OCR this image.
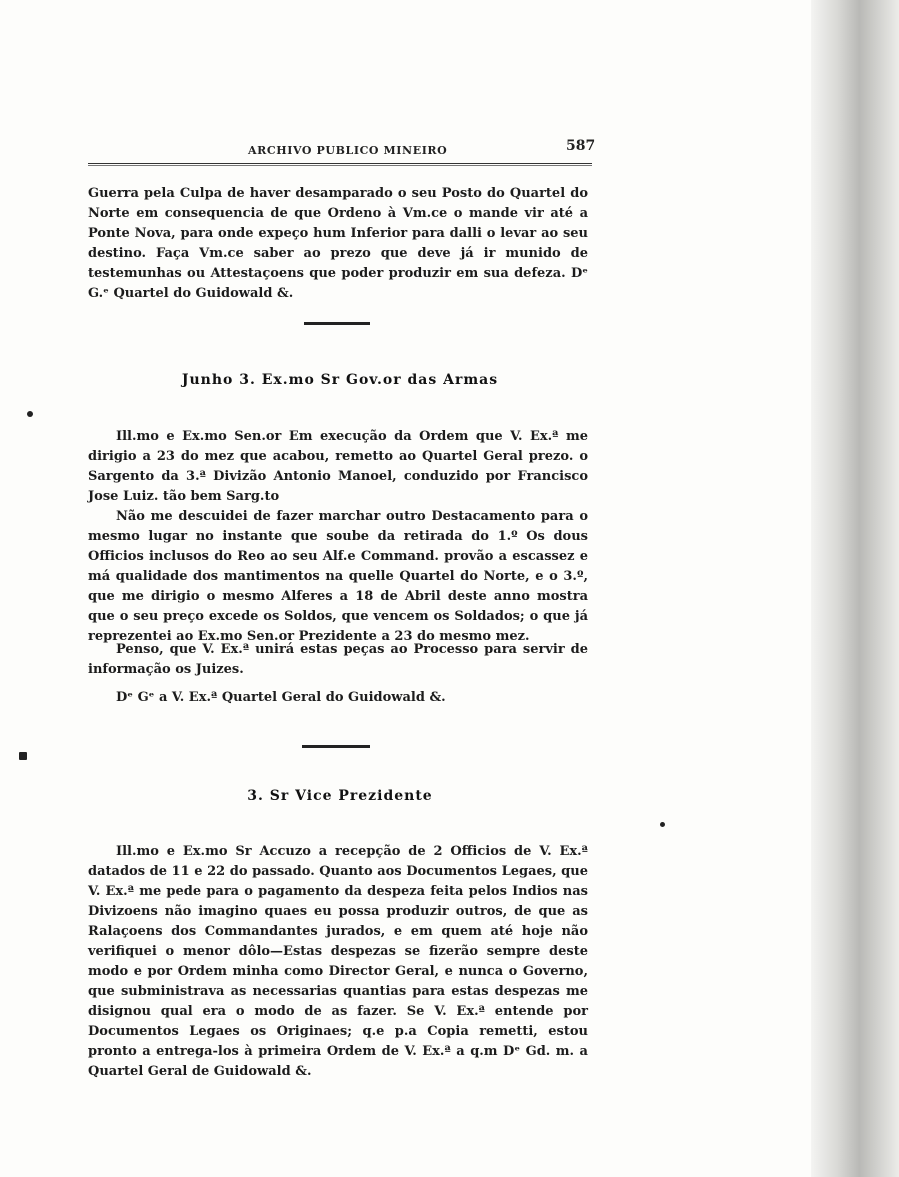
ARCHIVO PUBLICO MINEIRO	587

Guerra pela Culpa de haver desamparado o seu Posto do Quartel do Norte em consequencia de que Ordeno à Vm.ce o mande vir até a Ponte Nova, para onde expeço hum Inferior para dalli o levar ao seu destino. Faça Vm.ce saber ao prezo que deve já ir munido de testemunhas ou Attestaçoens que poder produzir em sua defeza. Dᵉ G.ᵉ Quartel do Guidowald &.

Junho 3. Ex.mo Sr Gov.or das Armas

Ill.mo e Ex.mo Sen.or Em execução da Ordem que V. Ex.ª me dirigio a 23 do mez que acabou, remetto ao Quartel Geral prezo. o Sargento da 3.ª Divizão Antonio Manoel, conduzido por Francisco Jose Luiz. tão bem Sarg.to

Não me descuidei de fazer marchar outro Destacamento para o mesmo lugar no instante que soube da retirada do 1.º Os dous Officios inclusos do Reo ao seu Alf.e Command. provão a escassez e má qualidade dos mantimentos na quelle Quartel do Norte, e o 3.º, que me dirigio o mesmo Alferes a 18 de Abril deste anno mostra que o seu preço excede os Soldos, que vencem os Soldados; o que já reprezentei ao Ex.mo Sen.or Prezidente a 23 do mesmo mez.

Penso, que V. Ex.ª unirá estas peças ao Processo para servir de informação os Juizes.

Dᵉ Gᵉ a V. Ex.ª Quartel Geral do Guidowald &.

3. Sr Vice Prezidente

Ill.mo e Ex.mo Sr Accuzo a recepção de 2 Officios de V. Ex.ª datados de 11 e 22 do passado. Quanto aos Documentos Legaes, que V. Ex.ª me pede para o pagamento da despeza feita pelos Indios nas Divizoens não imagino quaes eu possa produzir outros, de que as Ralaçoens dos Commandantes jurados, e em quem até hoje não verifiquei o menor dôlo—Estas despezas se fizerão sempre deste modo e por Ordem minha como Director Geral, e nunca o Governo, que subministrava as necessarias quantias para estas despezas me disignou qual era o modo de as fazer. Se V. Ex.ª entende por Documentos Legaes os Originaes; q.e p.a Copia remetti, estou pronto a entrega-los à primeira Ordem de V. Ex.ª a q.m Dᵉ Gd. m. a Quartel Geral de Guidowald &.
